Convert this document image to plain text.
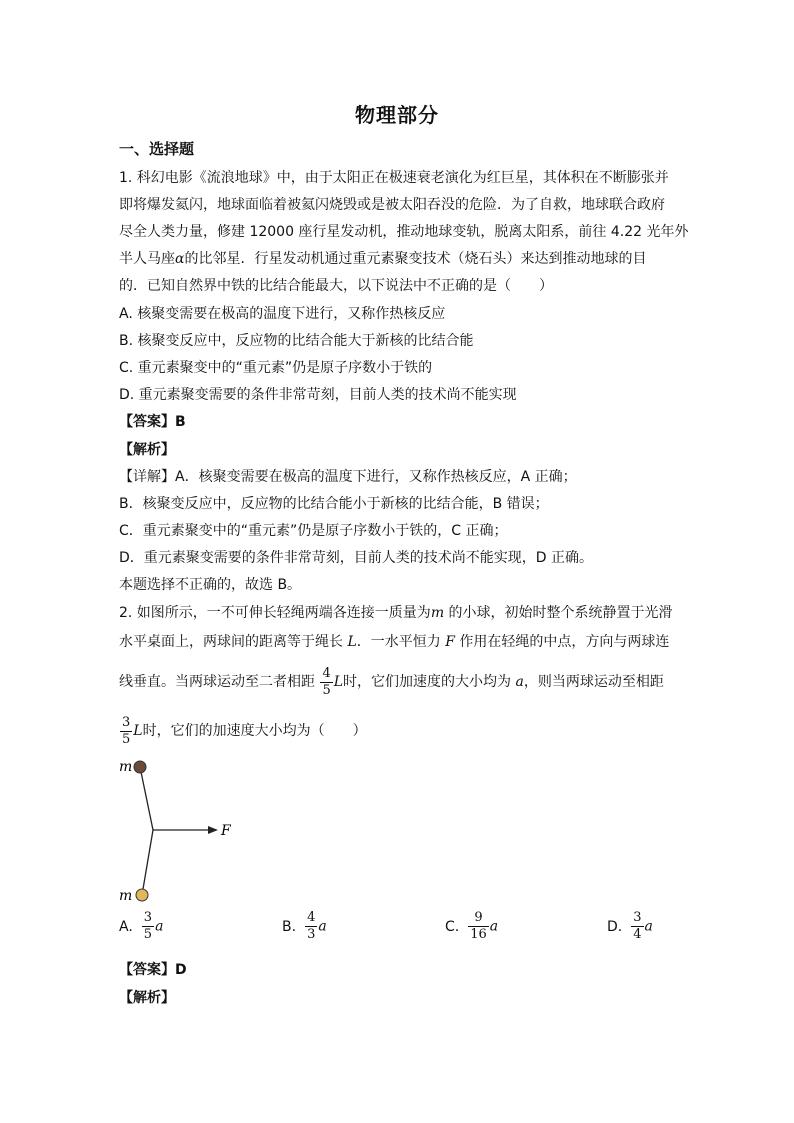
物理部分
一、选择题
1. 科幻电影《流浪地球》中，由于太阳正在极速衰老演化为红巨星，其体积在不断膨张并
即将爆发氦闪，地球面临着被氦闪烧毁或是被太阳吞没的危险．为了自救，地球联合政府
尽全人类力量，修建 12000 座行星发动机，推动地球变轨，脱离太阳系，前往 4.22 光年外
半人马座α的比邻星．行星发动机通过重元素聚变技术（烧石头）来达到推动地球的目
的．已知自然界中铁的比结合能最大，以下说法中不正确的是（　　）
A. 核聚变需要在极高的温度下进行，又称作热核反应
B. 核聚变反应中，反应物的比结合能大于新核的比结合能
C. 重元素聚变中的“重元素”仍是原子序数小于铁的
D. 重元素聚变需要的条件非常苛刻，目前人类的技术尚不能实现
【答案】B
【解析】
【详解】A．核聚变需要在极高的温度下进行，又称作热核反应，A 正确；
B．核聚变反应中，反应物的比结合能小于新核的比结合能，B 错误；
C．重元素聚变中的“重元素”仍是原子序数小于铁的，C 正确；
D．重元素聚变需要的条件非常苛刻，目前人类的技术尚不能实现，D 正确。
本题选择不正确的，故选 B。
2. 如图所示，一不可伸长轻绳两端各连接一质量为m 的小球，初始时整个系统静置于光滑
水平桌面上，两球间的距离等于绳长 L．一水平恒力 F 作用在轻绳的中点，方向与两球连
线垂直。当两球运动至二者相距 $\frac{4}{5}$ L时，它们加速度的大小均为 a，则当两球运动至相距
$\frac{3}{5}$ L时，它们的加速度大小均为（　　）
m
m
F
A. $\frac{3}{5}$ a	B. $\frac{4}{3}$ a	C. $\frac{9}{16}$ a	D. $\frac{3}{4}$ a
【答案】D
【解析】
